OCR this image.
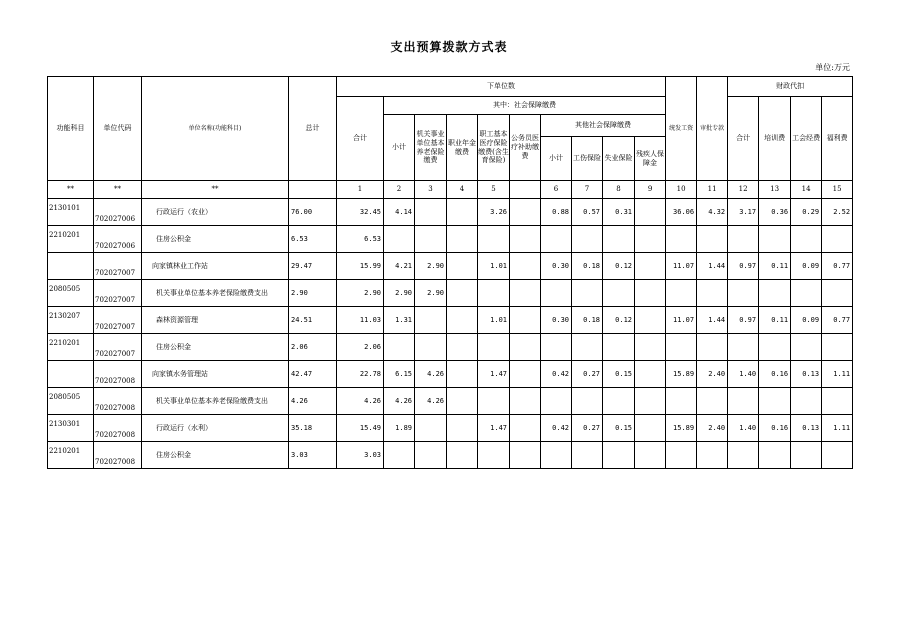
支出预算拨款方式表
单位:万元
功能科目	单位代码	单位名称(功能科目)	总计	下单位数										统发工资	审批专款	财政代扣			
				合计	其中：社会保障缴费											合计	培训费	工会经费	福利费
					小计	机关事业单位基本养老保险缴费	职业年金缴费	职工基本医疗保险缴费(含生育保险)	公务员医疗补助缴费	其他社会保障缴费									
										小计	工伤保险	失业保险	残疾人保障金						
**	**	**		1	2	3	4	5		6	7	8	9	10	11	12	13	14	15
2130101	702027006	行政运行（农业）	76.00	32.45	4.14			3.26		0.88	0.57	0.31		36.06	4.32	3.17	0.36	0.29	2.52
2210201	702027006	住房公积金	6.53	6.53															
	702027007	向家镇林业工作站	29.47	15.99	4.21	2.90		1.01		0.30	0.18	0.12		11.07	1.44	0.97	0.11	0.09	0.77
2080505	702027007	机关事业单位基本养老保险缴费支出	2.90	2.90	2.90	2.90													
2130207	702027007	森林资源管理	24.51	11.03	1.31			1.01		0.30	0.18	0.12		11.07	1.44	0.97	0.11	0.09	0.77
2210201	702027007	住房公积金	2.06	2.06															
	702027008	向家镇水务管理站	42.47	22.78	6.15	4.26		1.47		0.42	0.27	0.15		15.89	2.40	1.40	0.16	0.13	1.11
2080505	702027008	机关事业单位基本养老保险缴费支出	4.26	4.26	4.26	4.26													
2130301	702027008	行政运行（水利）	35.18	15.49	1.89			1.47		0.42	0.27	0.15		15.89	2.40	1.40	0.16	0.13	1.11
2210201	702027008	住房公积金	3.03	3.03															
